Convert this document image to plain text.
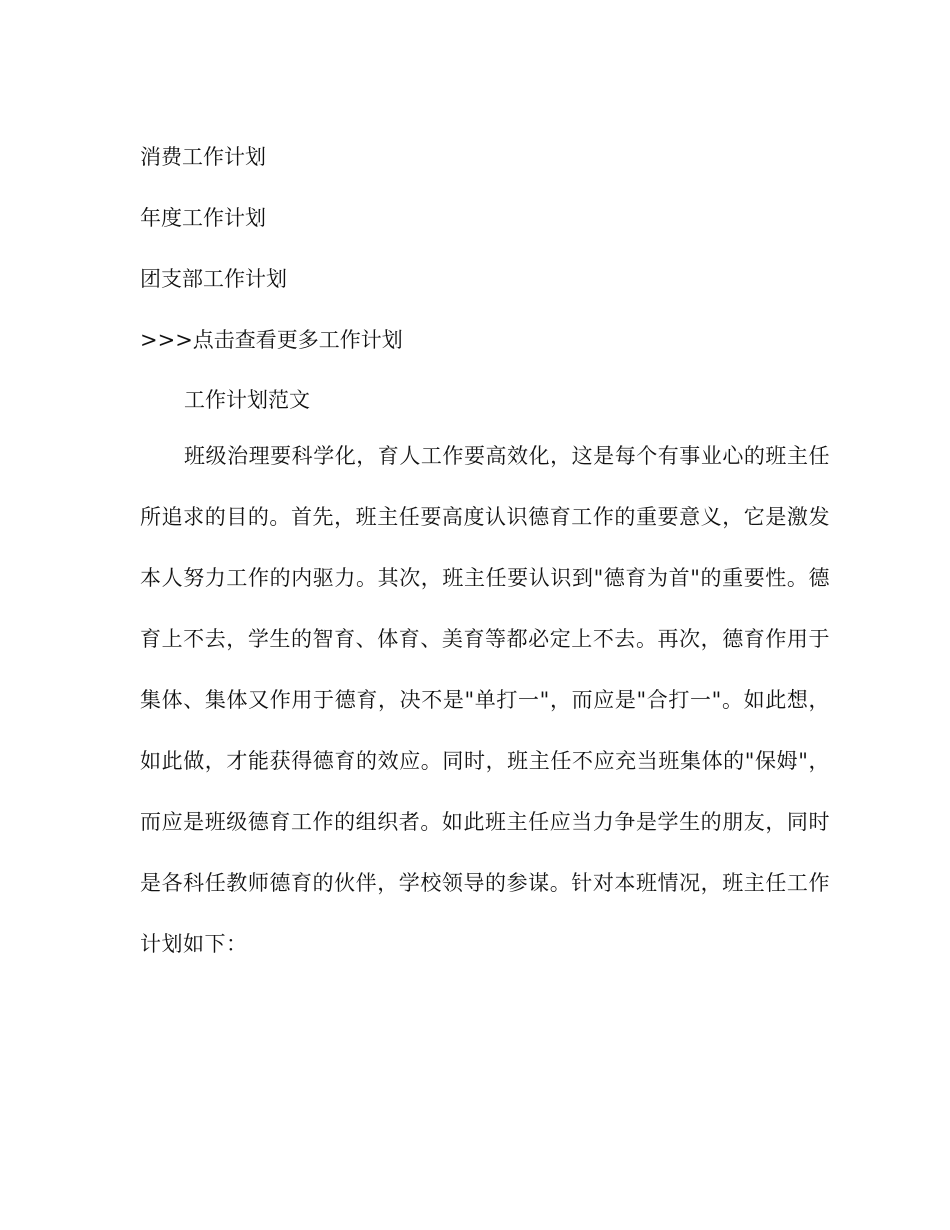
消费工作计划
年度工作计划
团支部工作计划
>>>点击查看更多工作计划
工作计划范文
班级治理要科学化，育人工作要高效化，这是每个有事业心的班主任所追求的目的。首先，班主任要高度认识德育工作的重要意义，它是激发本人努力工作的内驱力。其次，班主任要认识到"德育为首"的重要性。德育上不去，学生的智育、体育、美育等都必定上不去。再次，德育作用于集体、集体又作用于德育，决不是"单打一"，而应是"合打一"。如此想，如此做，才能获得德育的效应。同时，班主任不应充当班集体的"保姆"，而应是班级德育工作的组织者。如此班主任应当力争是学生的朋友，同时是各科任教师德育的伙伴，学校领导的参谋。针对本班情况，班主任工作计划如下：
